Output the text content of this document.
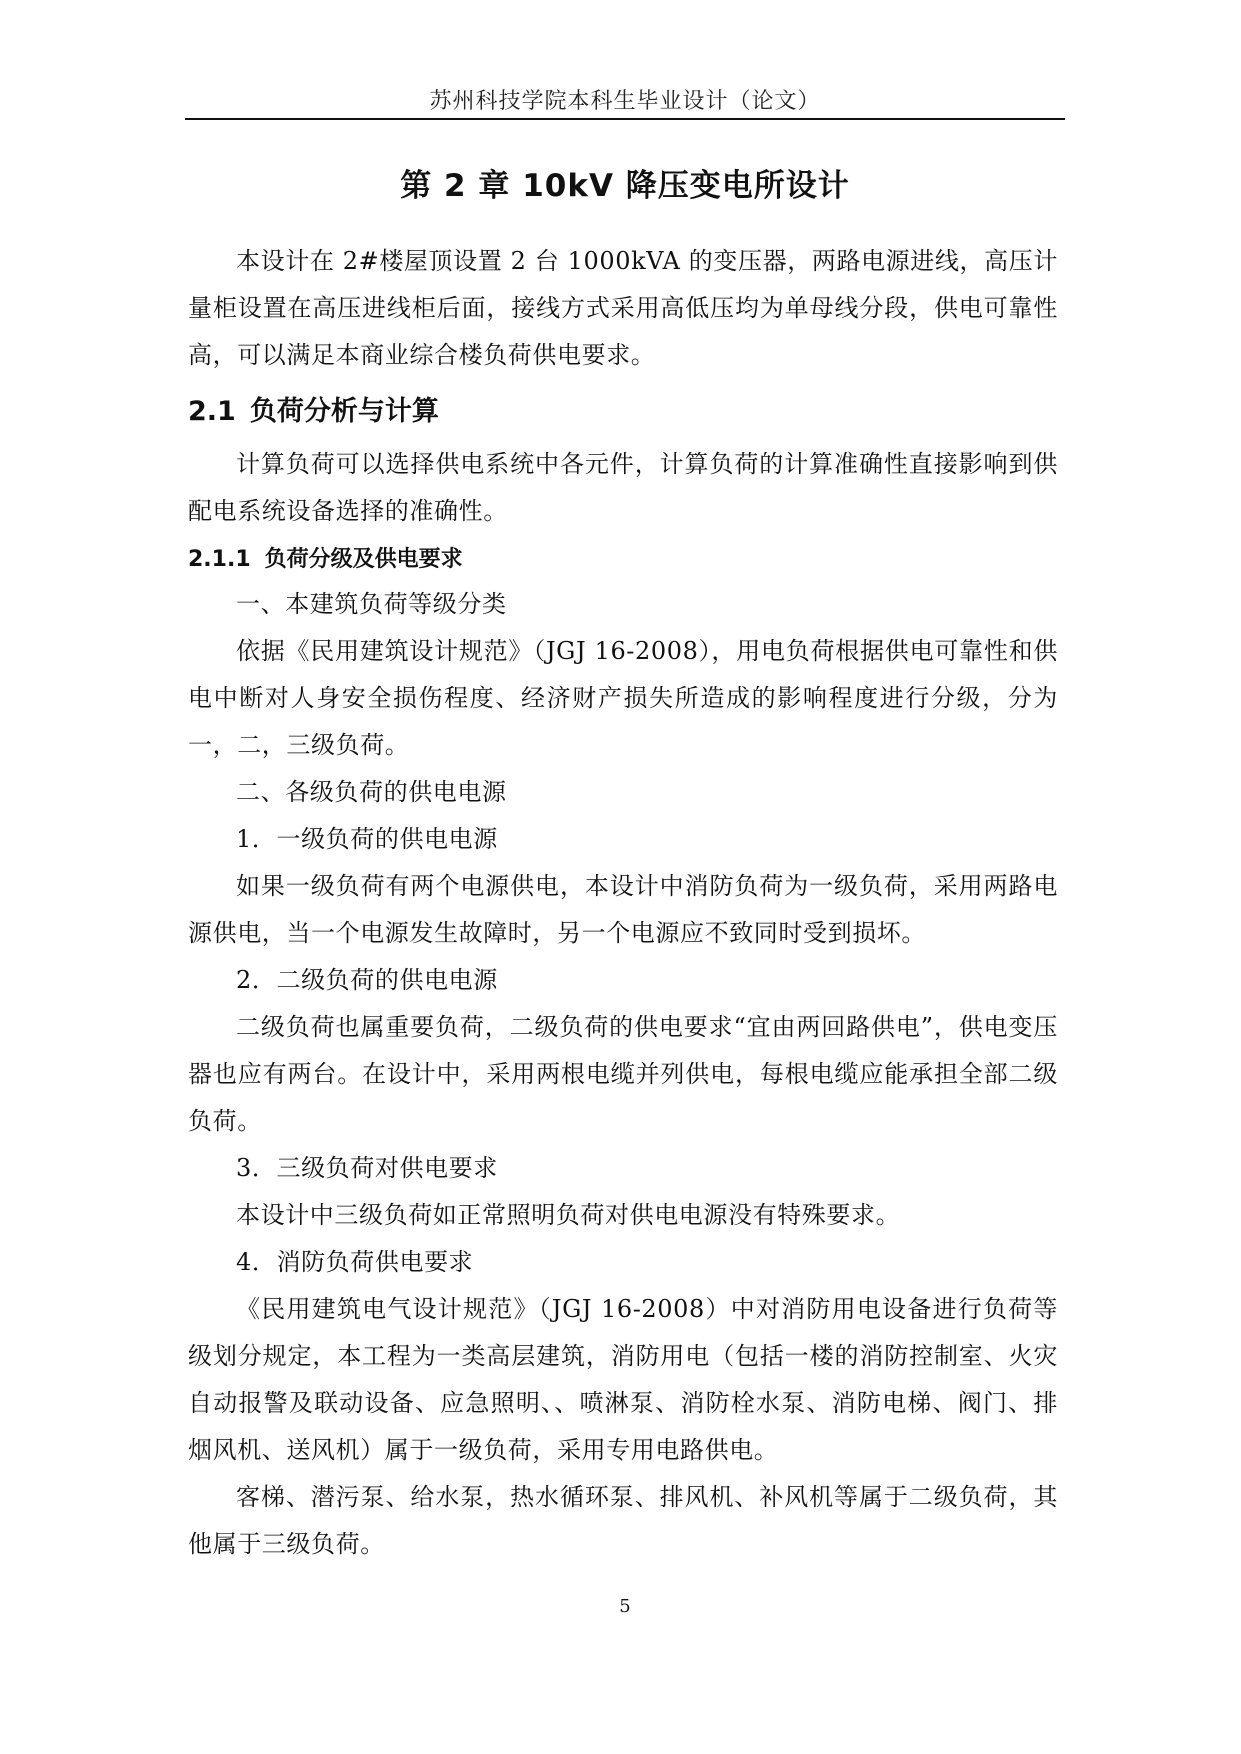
苏州科技学院本科生毕业设计（论文）
第 2 章 10kV 降压变电所设计

本设计在 2#楼屋顶设置 2 台 1000kVA 的变压器，两路电源进线，高压计量柜设置在高压进线柜后面，接线方式采用高低压均为单母线分段，供电可靠性高，可以满足本商业综合楼负荷供电要求。

2.1 负荷分析与计算

计算负荷可以选择供电系统中各元件，计算负荷的计算准确性直接影响到供配电系统设备选择的准确性。

2.1.1 负荷分级及供电要求

一、本建筑负荷等级分类

依据《民用建筑设计规范》（JGJ 16-2008），用电负荷根据供电可靠性和供电中断对人身安全损伤程度、经济财产损失所造成的影响程度进行分级，分为一，二，三级负荷。

二、各级负荷的供电电源

1．一级负荷的供电电源

如果一级负荷有两个电源供电，本设计中消防负荷为一级负荷，采用两路电源供电，当一个电源发生故障时，另一个电源应不致同时受到损坏。

2．二级负荷的供电电源

二级负荷也属重要负荷，二级负荷的供电要求“宜由两回路供电”，供电变压器也应有两台。在设计中，采用两根电缆并列供电，每根电缆应能承担全部二级负荷。

3．三级负荷对供电要求

本设计中三级负荷如正常照明负荷对供电电源没有特殊要求。

4．消防负荷供电要求

《民用建筑电气设计规范》（JGJ 16-2008）中对消防用电设备进行负荷等级划分规定，本工程为一类高层建筑，消防用电（包括一楼的消防控制室、火灾自动报警及联动设备、应急照明、、喷淋泵、消防栓水泵、消防电梯、阀门、排烟风机、送风机）属于一级负荷，采用专用电路供电。

客梯、潜污泵、给水泵，热水循环泵、排风机、补风机等属于二级负荷，其他属于三级负荷。

5
